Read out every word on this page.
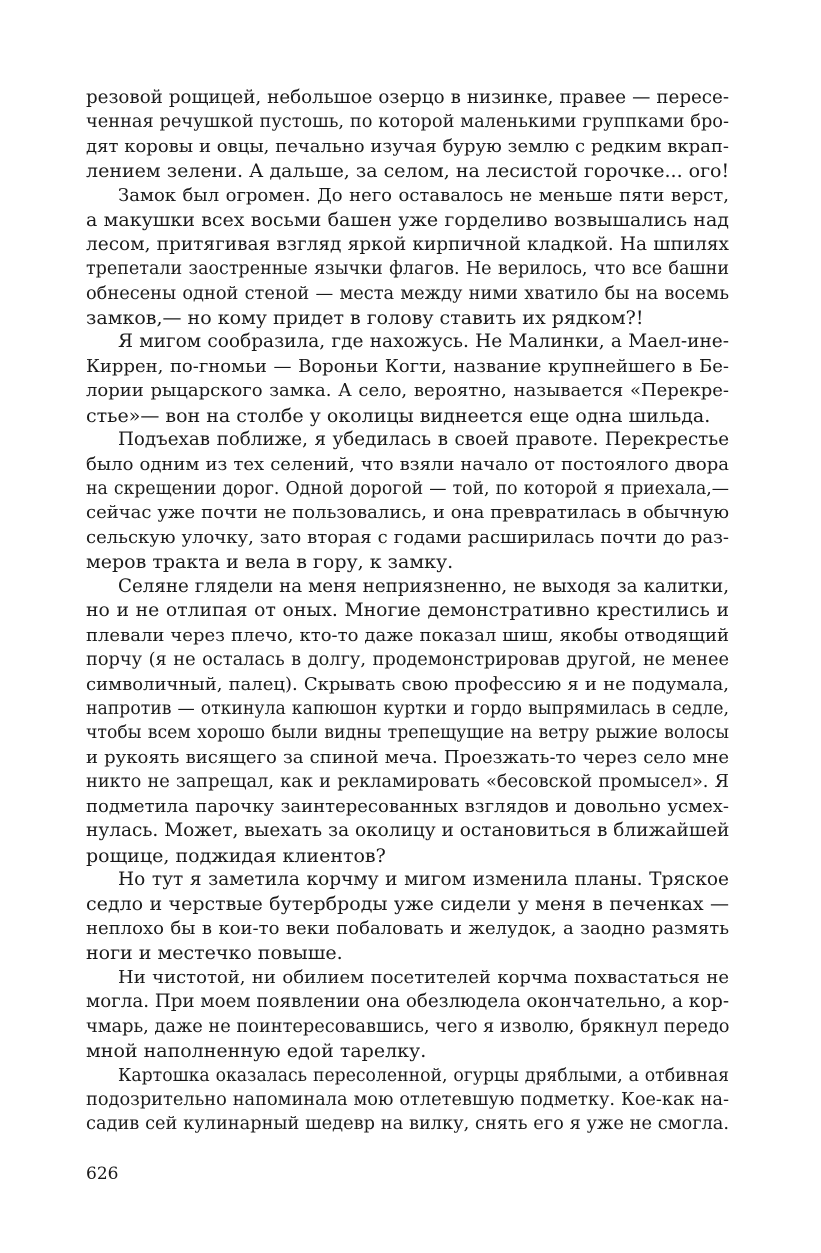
резовой рощицей, небольшое озерцо в низинке, правее — пересе-
ченная речушкой пустошь, по которой маленькими группками бро-
дят коровы и овцы, печально изучая бурую землю с редким вкрап-
лением зелени. А дальше, за селом, на лесистой горочке... ого!
Замок был огромен. До него оставалось не меньше пяти верст,
а макушки всех восьми башен уже горделиво возвышались над
лесом, притягивая взгляд яркой кирпичной кладкой. На шпилях
трепетали заостренные язычки флагов. Не верилось, что все башни
обнесены одной стеной — места между ними хватило бы на восемь
замков,— но кому придет в голову ставить их рядком?!
Я мигом сообразила, где нахожусь. Не Малинки, а Маел-ине-
Киррен, по-гномьи — Вороньи Когти, название крупнейшего в Бе-
лории рыцарского замка. А село, вероятно, называется «Перекре-
стье»— вон на столбе у околицы виднеется еще одна шильда.
Подъехав поближе, я убедилась в своей правоте. Перекрестье
было одним из тех селений, что взяли начало от постоялого двора
на скрещении дорог. Одной дорогой — той, по которой я приехала,—
сейчас уже почти не пользовались, и она превратилась в обычную
сельскую улочку, зато вторая с годами расширилась почти до раз-
меров тракта и вела в гору, к замку.
Селяне глядели на меня неприязненно, не выходя за калитки,
но и не отлипая от оных. Многие демонстративно крестились и
плевали через плечо, кто-то даже показал шиш, якобы отводящий
порчу (я не осталась в долгу, продемонстрировав другой, не менее
символичный, палец). Скрывать свою профессию я и не подумала,
напротив — откинула капюшон куртки и гордо выпрямилась в седле,
чтобы всем хорошо были видны трепещущие на ветру рыжие волосы
и рукоять висящего за спиной меча. Проезжать-то через село мне
никто не запрещал, как и рекламировать «бесовской промысел». Я
подметила парочку заинтересованных взглядов и довольно усмех-
нулась. Может, выехать за околицу и остановиться в ближайшей
рощице, поджидая клиентов?
Но тут я заметила корчму и мигом изменила планы. Тряское
седло и черствые бутерброды уже сидели у меня в печенках —
неплохо бы в кои-то веки побаловать и желудок, а заодно размять
ноги и местечко повыше.
Ни чистотой, ни обилием посетителей корчма похвастаться не
могла. При моем появлении она обезлюдела окончательно, а кор-
чмарь, даже не поинтересовавшись, чего я изволю, брякнул передо
мной наполненную едой тарелку.
Картошка оказалась пересоленной, огурцы дряблыми, а отбивная
подозрительно напоминала мою отлетевшую подметку. Кое-как на-
садив сей кулинарный шедевр на вилку, снять его я уже не смогла.
626
